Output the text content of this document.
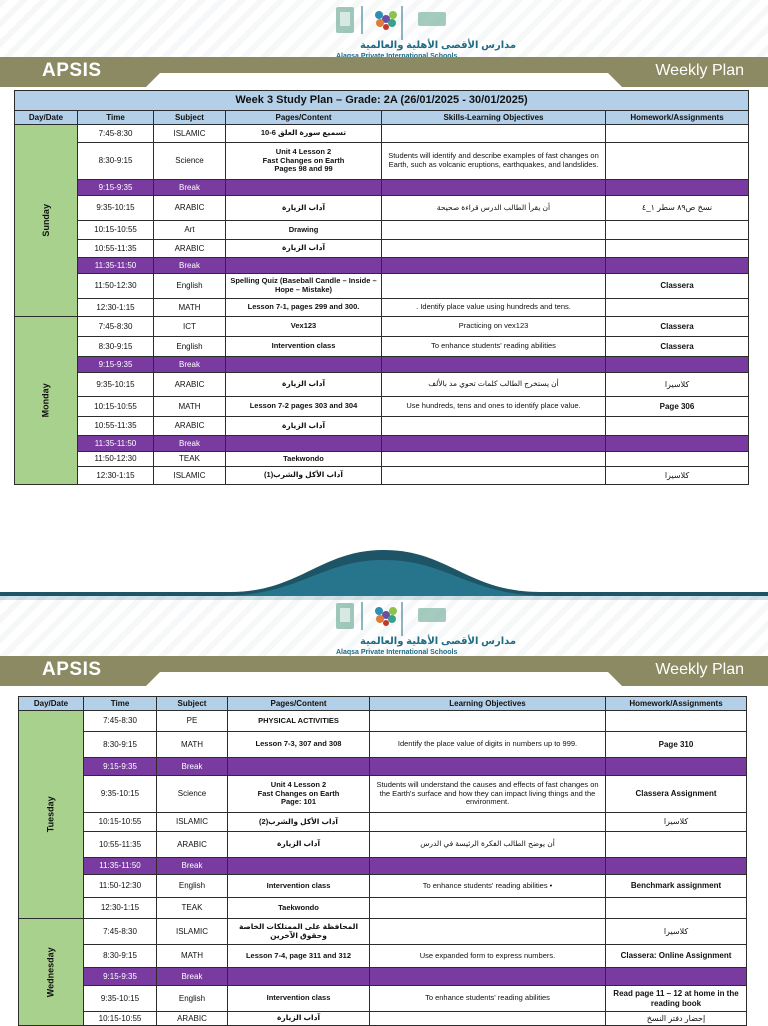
مدارس الأقصى الأهلية والعالمية
APSIS	Weekly Plan
Week 3 Study Plan – Grade: 2A (26/01/2025 - 30/01/2025)					
Day/Date	Time	Subject	Pages/Content	Skills-Learning Objectives	Homework/Assignments
Sunday	7:45-8:30	ISLAMIC	تسميع سورة العلق 6-10		
	8:30-9:15	Science	Unit 4 Lesson 2
Fast Changes on Earth
Pages 98 and 99	Students will identify and describe examples of fast changes on Earth, such as volcanic eruptions, earthquakes, and landslides.	
	9:15-9:35	Break			
	9:35-10:15	ARABIC	آداب الزيارة	أن يقرأ الطالب الدرس قراءة صحيحة	نسخ ص٨٩ سطر ١_٤
	10:15-10:55	Art	Drawing		
	10:55-11:35	ARABIC	آداب الزيارة		
	11:35-11:50	Break			
	11:50-12:30	English	Spelling Quiz (Baseball Candle – Inside – Hope – Mistake)		Classera
	12:30-1:15	MATH	Lesson 7-1, pages 299 and 300.	. Identify place value using hundreds and tens.	
Monday	7:45-8:30	ICT	Vex123	Practicing on vex123	Classera
	8:30-9:15	English	Intervention class	To enhance students' reading abilities	Classera
	9:15-9:35	Break			
	9:35-10:15	ARABIC	آداب الزيارة	أن يستخرج الطالب كلمات تحوي مد بالألف	كلاسيرا
	10:15-10:55	MATH	Lesson 7-2 pages 303 and 304	Use hundreds, tens and ones to identify place value.	Page 306
	10:55-11:35	ARABIC	آداب الزيارة		
	11:35-11:50	Break			
	11:50-12:30	TEAK	Taekwondo		
	12:30-1:15	ISLAMIC	آداب الأكل والشرب(1)		كلاسيرا
مدارس الأقصى الأهلية والعالمية
Alaqsa Private International Schools
APSIS	Weekly Plan
Day/Date	Time	Subject	Pages/Content	Learning Objectives	Homework/Assignments
Tuesday	7:45-8:30	PE	PHYSICAL ACTIVITIES		
	8:30-9:15	MATH	Lesson 7-3, 307 and 308	Identify the place value of digits in numbers up to 999.	Page 310
	9:15-9:35	Break			
	9:35-10:15	Science	Unit 4 Lesson 2
Fast Changes on Earth
Page: 101	Students will understand the causes and effects of fast changes on the Earth's surface and how they can impact living things and the environment.	Classera Assignment
	10:15-10:55	ISLAMIC	آداب الأكل والشرب(2)		كلاسيرا
	10:55-11:35	ARABIC	آداب الزيارة	أن يوضح الطالب الفكرة الرئيسة في الدرس	
	11:35-11:50	Break			
	11:50-12:30	English	Intervention class	To enhance students' reading abilities •	Benchmark assignment
	12:30-1:15	TEAK	Taekwondo		
Wednesday	7:45-8:30	ISLAMIC	المحافظة على الممتلكات الخاصة وحقوق الآخرين		كلاسيرا
	8:30-9:15	MATH	Lesson 7-4, page 311 and 312	Use expanded form to express numbers.	Classera: Online Assignment
	9:15-9:35	Break			
	9:35-10:15	English	Intervention class	To enhance students' reading abilities	Read page 11 – 12 at home in the reading book
	10:15-10:55	ARABIC	آداب الزيارة		إحضار دفتر النسخ
